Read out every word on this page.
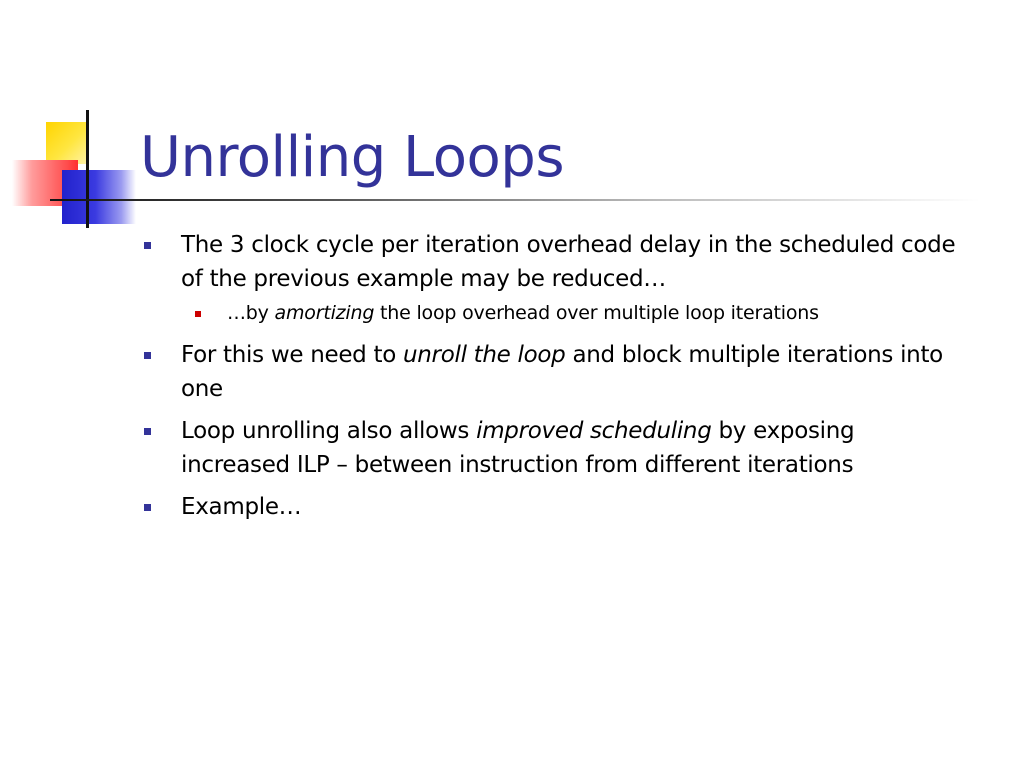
Unrolling Loops
The 3 clock cycle per iteration overhead delay in the scheduled code of the previous example may be reduced…
…by amortizing the loop overhead over multiple loop iterations
For this we need to unroll the loop and block multiple iterations into one
Loop unrolling also allows improved scheduling by exposing increased ILP – between instruction from different iterations
Example…
